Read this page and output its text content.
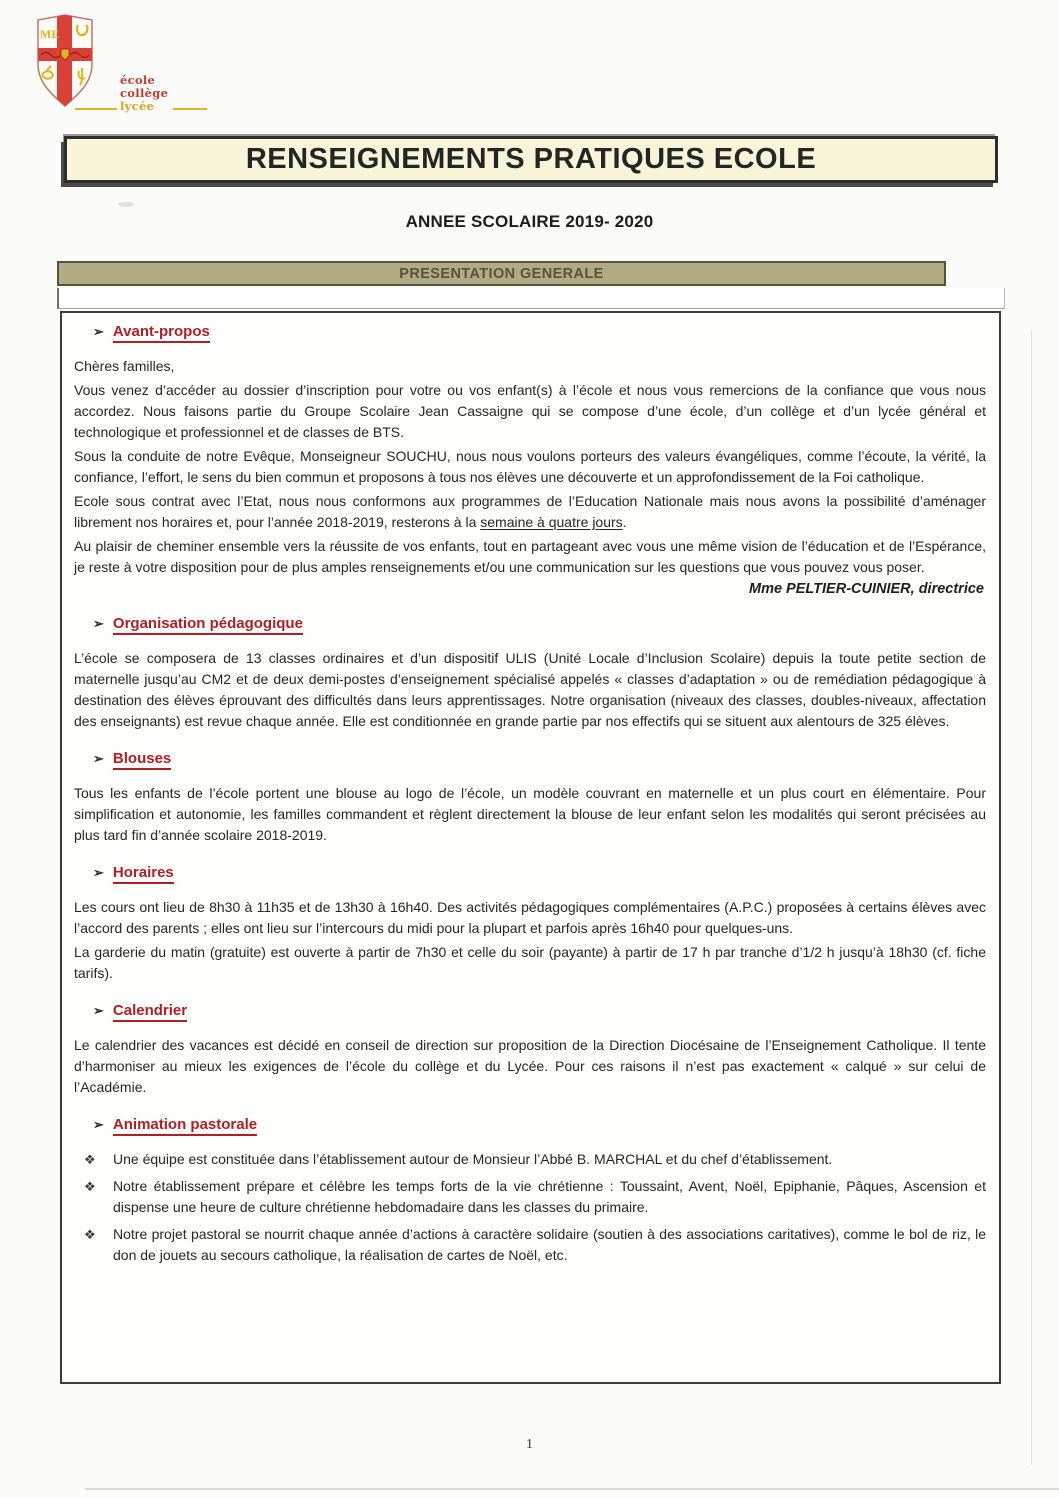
ME
école
collège
lycée
RENSEIGNEMENTS PRATIQUES ECOLE
ANNEE SCOLAIRE 2019- 2020
PRESENTATION GENERALE
➢ Avant-propos

Chères familles,

Vous venez d’accéder au dossier d’inscription pour votre ou vos enfant(s) à l’école et nous vous remercions de la confiance que vous nous accordez. Nous faisons partie du Groupe Scolaire Jean Cassaigne qui se compose d’une école, d’un collège et d’un lycée général et technologique et professionnel et de classes de BTS.

Sous la conduite de notre Evêque, Monseigneur SOUCHU, nous nous voulons porteurs des valeurs évangéliques, comme l’écoute, la vérité, la confiance, l’effort, le sens du bien commun et proposons à tous nos élèves une découverte et un approfondissement de la Foi catholique.

Ecole sous contrat avec l’Etat, nous nous conformons aux programmes de l’Education Nationale mais nous avons la possibilité d’aménager librement nos horaires et, pour l’année 2018-2019, resterons à la semaine à quatre jours.

Au plaisir de cheminer ensemble vers la réussite de vos enfants, tout en partageant avec vous une même vision de l’éducation et de l’Espérance, je reste à votre disposition pour de plus amples renseignements et/ou une communication sur les questions que vous pouvez vous poser.

Mme PELTIER-CUINIER, directrice
➢ Organisation pédagogique

L’école se composera de 13 classes ordinaires et d’un dispositif ULIS (Unité Locale d’Inclusion Scolaire) depuis la toute petite section de maternelle jusqu’au CM2 et de deux demi-postes d’enseignement spécialisé appelés « classes d’adaptation » ou de remédiation pédagogique à destination des élèves éprouvant des difficultés dans leurs apprentissages. Notre organisation (niveaux des classes, doubles-niveaux, affectation des enseignants) est revue chaque année. Elle est conditionnée en grande partie par nos effectifs qui se situent aux alentours de 325 élèves.

➢ Blouses

Tous les enfants de l’école portent une blouse au logo de l’école, un modèle couvrant en maternelle et un plus court en élémentaire. Pour simplification et autonomie, les familles commandent et règlent directement la blouse de leur enfant selon les modalités qui seront précisées au plus tard fin d’année scolaire 2018-2019.

➢ Horaires

Les cours ont lieu de 8h30 à 11h35 et de 13h30 à 16h40. Des activités pédagogiques complémentaires (A.P.C.) proposées à certains élèves avec l’accord des parents ; elles ont lieu sur l’intercours du midi pour la plupart et parfois après 16h40 pour quelques-uns.

La garderie du matin (gratuite) est ouverte à partir de 7h30 et celle du soir (payante) à partir de 17 h par tranche d’1/2 h jusqu’à 18h30 (cf. fiche tarifs).

➢ Calendrier

Le calendrier des vacances est décidé en conseil de direction sur proposition de la Direction Diocésaine de l’Enseignement Catholique. Il tente d’harmoniser au mieux les exigences de l’école du collège et du Lycée. Pour ces raisons il n’est pas exactement « calqué » sur celui de l’Académie.

➢ Animation pastorale
❖	Une équipe est constituée dans l’établissement autour de Monsieur l’Abbé B. MARCHAL et du chef d’établissement.
❖	Notre établissement prépare et célèbre les temps forts de la vie chrétienne : Toussaint, Avent, Noël, Epiphanie, Pâques, Ascension et dispense une heure de culture chrétienne hebdomadaire dans les classes du primaire.
❖	Notre projet pastoral se nourrit chaque année d’actions à caractère solidaire (soutien à des associations caritatives), comme le bol de riz, le don de jouets au secours catholique, la réalisation de cartes de Noël, etc.
1
